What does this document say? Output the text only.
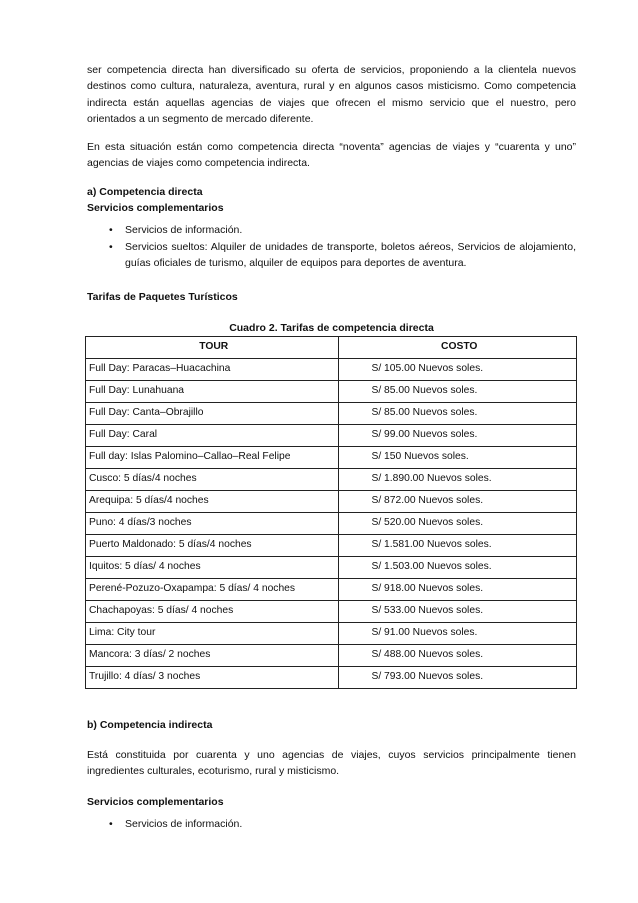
ser competencia directa han diversificado su oferta de servicios, proponiendo a la clientela nuevos destinos como cultura, naturaleza, aventura, rural y en algunos casos misticismo. Como competencia indirecta están aquellas agencias de viajes que ofrecen el mismo servicio que el nuestro, pero orientados a un segmento de mercado diferente.

En esta situación están como competencia directa “noventa” agencias de viajes y “cuarenta y uno” agencias de viajes como competencia indirecta.

a) Competencia directa

Servicios complementarios

• Servicios de información.
• Servicios sueltos: Alquiler de unidades de transporte, boletos aéreos, Servicios de alojamiento, guías oficiales de turismo, alquiler de equipos para deportes de aventura.

Tarifas de Paquetes Turísticos

Cuadro 2. Tarifas de competencia directa

TOUR	COSTO
Full Day: Paracas–Huacachina	S/ 105.00 Nuevos soles.
Full Day: Lunahuana	S/ 85.00 Nuevos soles.
Full Day: Canta–Obrajillo	S/ 85.00 Nuevos soles.
Full Day: Caral	S/ 99.00 Nuevos soles.
Full day: Islas Palomino–Callao–Real Felipe	S/ 150 Nuevos soles.
Cusco: 5 días/4 noches	S/ 1.890.00 Nuevos soles.
Arequipa: 5 días/4 noches	S/ 872.00 Nuevos soles.
Puno: 4 días/3 noches	S/ 520.00 Nuevos soles.
Puerto Maldonado: 5 días/4 noches	S/ 1.581.00 Nuevos soles.
Iquitos: 5 días/ 4 noches	S/ 1.503.00 Nuevos soles.
Perené-Pozuzo-Oxapampa: 5 días/ 4 noches	S/ 918.00 Nuevos soles.
Chachapoyas: 5 días/ 4 noches	S/ 533.00 Nuevos soles.
Lima: City tour	S/ 91.00 Nuevos soles.
Mancora: 3 días/ 2 noches	S/ 488.00 Nuevos soles.
Trujillo: 4 días/ 3 noches	S/ 793.00 Nuevos soles.

b) Competencia indirecta

Está constituida por cuarenta y uno agencias de viajes, cuyos servicios principalmente tienen ingredientes culturales, ecoturismo, rural y misticismo.

Servicios complementarios

• Servicios de información.
